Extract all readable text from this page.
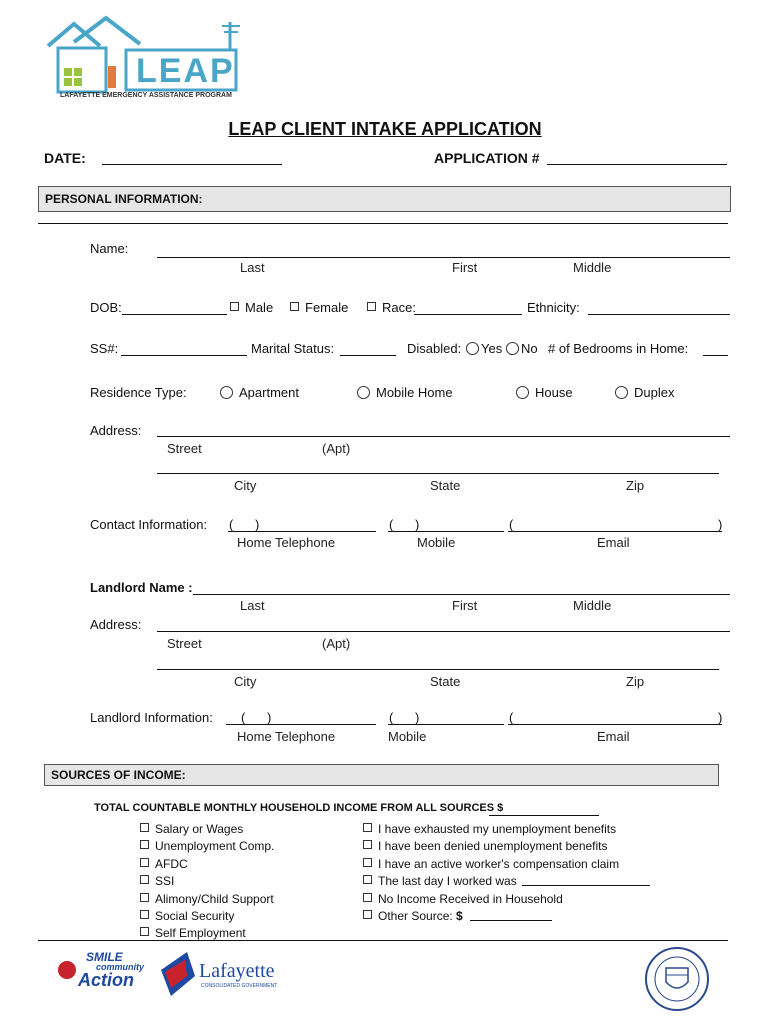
LEAP
LAFAYETTE EMERGENCY ASSISTANCE PROGRAM
LEAP CLIENT INTAKE APPLICATION
DATE:	APPLICATION #
PERSONAL INFORMATION:
Name:
Last	First	Middle
DOB:	Male	Female	Race:	Ethnicity:
SS#:	Marital Status:	Disabled:	Yes	No # of Bedrooms in Home:
Residence Type:	Apartment	Mobile Home	House	Duplex
Address:
Street	(Apt)
City	State	Zip
Contact Information: (      )	(      )	(	)
Home Telephone	Mobile	Email
Landlord Name :
Last	First	Middle
Address:
Street	(Apt)
City	State	Zip
Landlord Information: (      )	(      )	(	)
Home Telephone	Mobile	Email
SOURCES OF INCOME:
TOTAL COUNTABLE MONTHLY HOUSEHOLD INCOME FROM ALL SOURCES $
Salary or Wages
Unemployment Comp.
AFDC
SSI
Alimony/Child Support
Social Security
Self Employment
I have exhausted my unemployment benefits
I have been denied unemployment benefits
I have an active worker's compensation claim
The last day I worked was
No Income Received in Household
Other Source: $
SMILE
community
Action	Lafayette
CONSOLIDATED GOVERNMENT
